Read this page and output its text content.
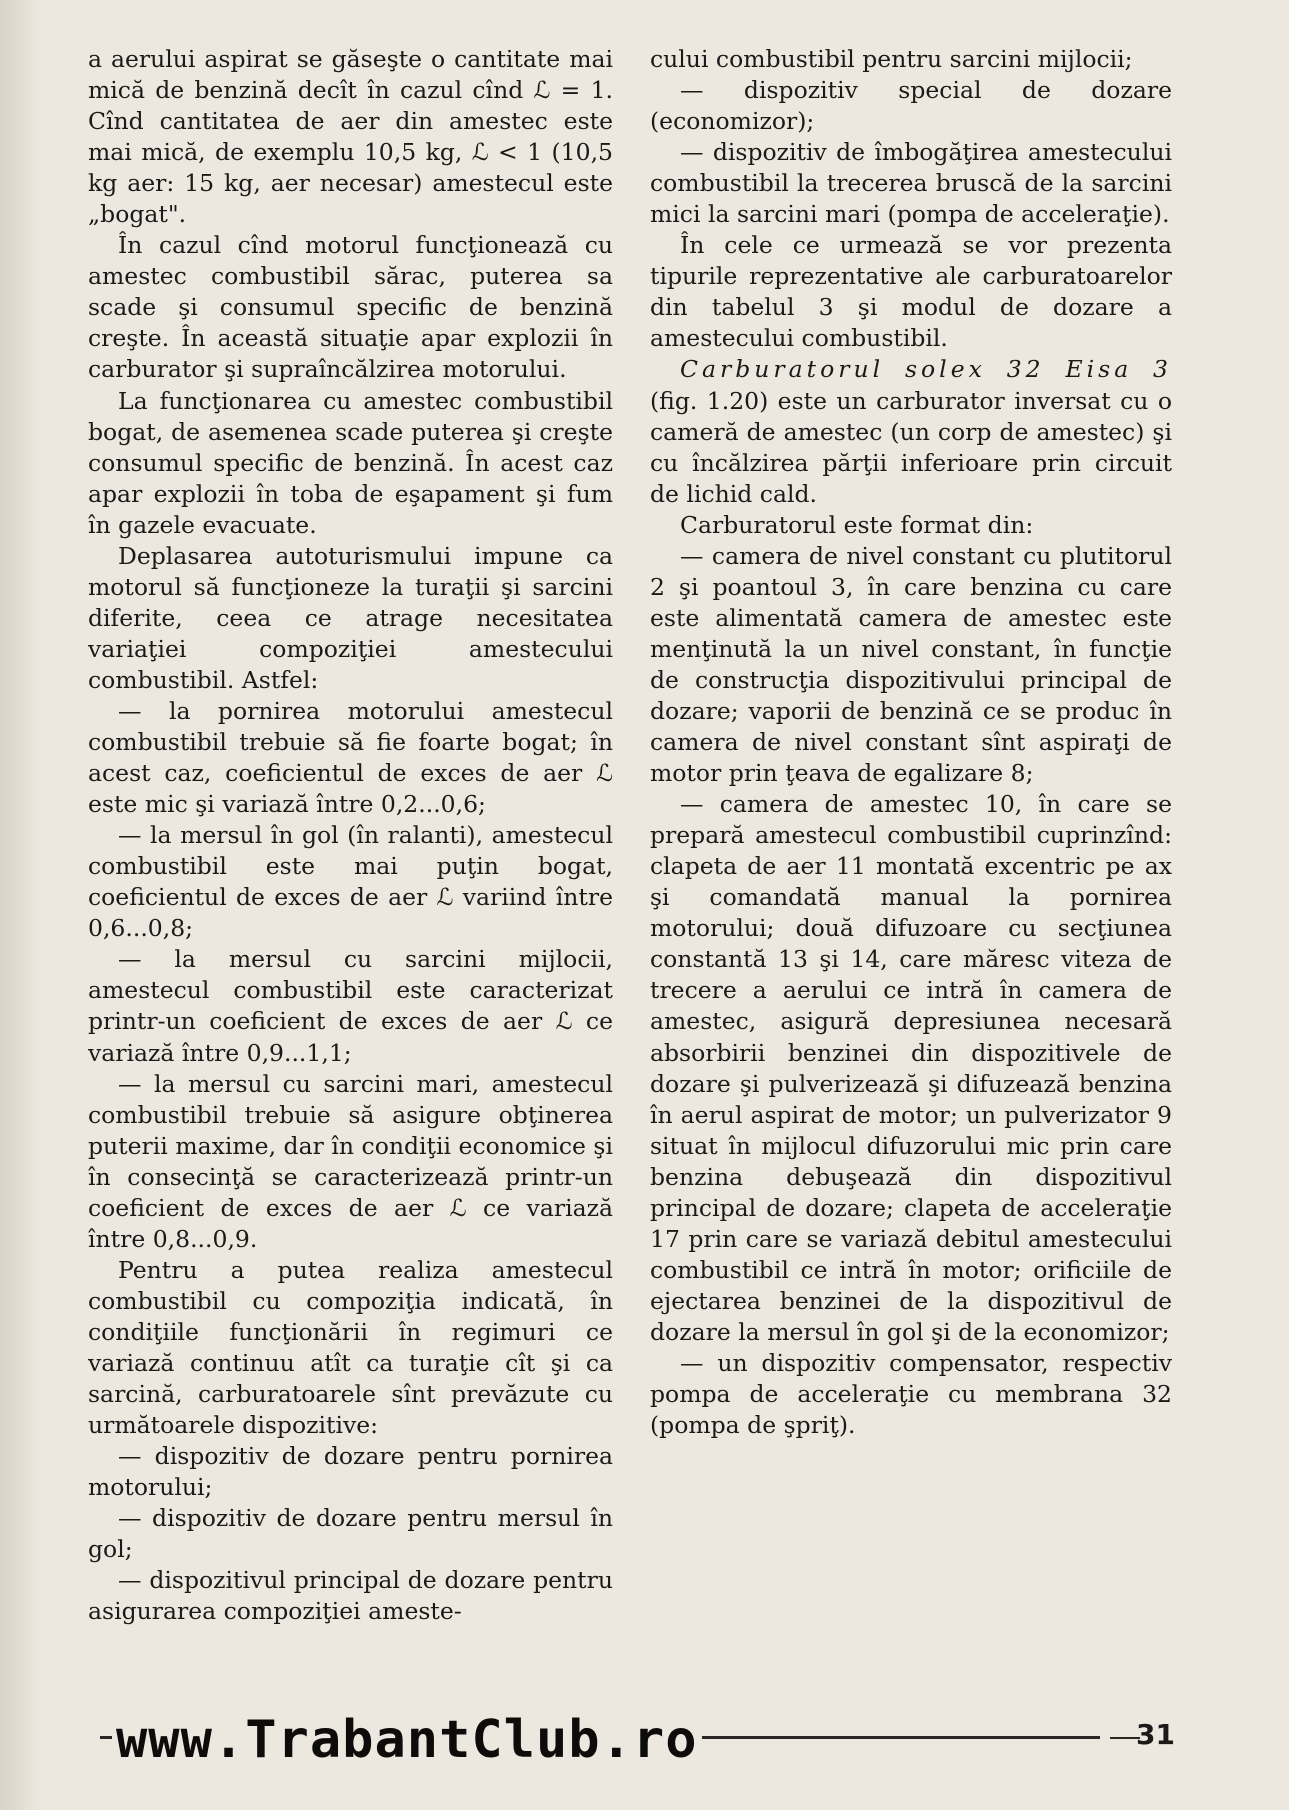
a aerului aspirat se găseşte o cantitate mai mică de benzină decît în cazul cînd ℒ = 1. Cînd cantitatea de aer din amestec este mai mică, de exemplu 10,5 kg, ℒ < 1 (10,5 kg aer: 15 kg, aer necesar) amestecul este „bogat".

În cazul cînd motorul funcţionează cu amestec combustibil sărac, puterea sa scade şi consumul specific de benzină creşte. În această situaţie apar explozii în carburator şi supraîncălzirea motorului.

La funcţionarea cu amestec combustibil bogat, de asemenea scade puterea şi creşte consumul specific de benzină. În acest caz apar explozii în toba de eşapament şi fum în gazele evacuate.

Deplasarea autoturismului impune ca motorul să funcţioneze la turaţii şi sarcini diferite, ceea ce atrage necesitatea variaţiei compoziţiei amestecului combustibil. Astfel:

— la pornirea motorului amestecul combustibil trebuie să fie foarte bogat; în acest caz, coeficientul de exces de aer ℒ este mic şi variază între 0,2...0,6;

— la mersul în gol (în ralanti), amestecul combustibil este mai puţin bogat, coeficientul de exces de aer ℒ variind între 0,6...0,8;

— la mersul cu sarcini mijlocii, amestecul combustibil este caracterizat printr-un coeficient de exces de aer ℒ ce variază între 0,9...1,1;

— la mersul cu sarcini mari, amestecul combustibil trebuie să asigure obţinerea puterii maxime, dar în condiţii economice şi în consecinţă se caracterizează printr-un coeficient de exces de aer ℒ ce variază între 0,8...0,9.

Pentru a putea realiza amestecul combustibil cu compoziţia indicată, în condiţiile funcţionării în regimuri ce variază continuu atît ca turaţie cît şi ca sarcină, carburatoarele sînt prevăzute cu următoarele dispozitive:

— dispozitiv de dozare pentru pornirea motorului;

— dispozitiv de dozare pentru mersul în gol;

— dispozitivul principal de dozare pentru asigurarea compoziţiei ameste-

cului combustibil pentru sarcini mijlocii;

— dispozitiv special de dozare (economizor);

— dispozitiv de îmbogăţirea amestecului combustibil la trecerea bruscă de la sarcini mici la sarcini mari (pompa de acceleraţie).

În cele ce urmează se vor prezenta tipurile reprezentative ale carburatoarelor din tabelul 3 şi modul de dozare a amestecului combustibil.

Carburatorul solex 32 Eisa 3 (fig. 1.20) este un carburator inversat cu o cameră de amestec (un corp de amestec) şi cu încălzirea părţii inferioare prin circuit de lichid cald.

Carburatorul este format din:

— camera de nivel constant cu plutitorul 2 şi poantoul 3, în care benzina cu care este alimentată camera de amestec este menţinută la un nivel constant, în funcţie de construcţia dispozitivului principal de dozare; vaporii de benzină ce se produc în camera de nivel constant sînt aspiraţi de motor prin ţeava de egalizare 8;

— camera de amestec 10, în care se prepară amestecul combustibil cuprinzînd: clapeta de aer 11 montată excentric pe ax şi comandată manual la pornirea motorului; două difuzoare cu secţiunea constantă 13 şi 14, care măresc viteza de trecere a aerului ce intră în camera de amestec, asigură depresiunea necesară absorbirii benzinei din dispozitivele de dozare şi pulverizează şi difuzează benzina în aerul aspirat de motor; un pulverizator 9 situat în mijlocul difuzorului mic prin care benzina debuşează din dispozitivul principal de dozare; clapeta de acceleraţie 17 prin care se variază debitul amestecului combustibil ce intră în motor; orificiile de ejectarea benzinei de la dispozitivul de dozare la mersul în gol şi de la economizor;

— un dispozitiv compensator, respectiv pompa de acceleraţie cu membrana 32 (pompa de şpriţ).

www.TrabantClub.ro	31
